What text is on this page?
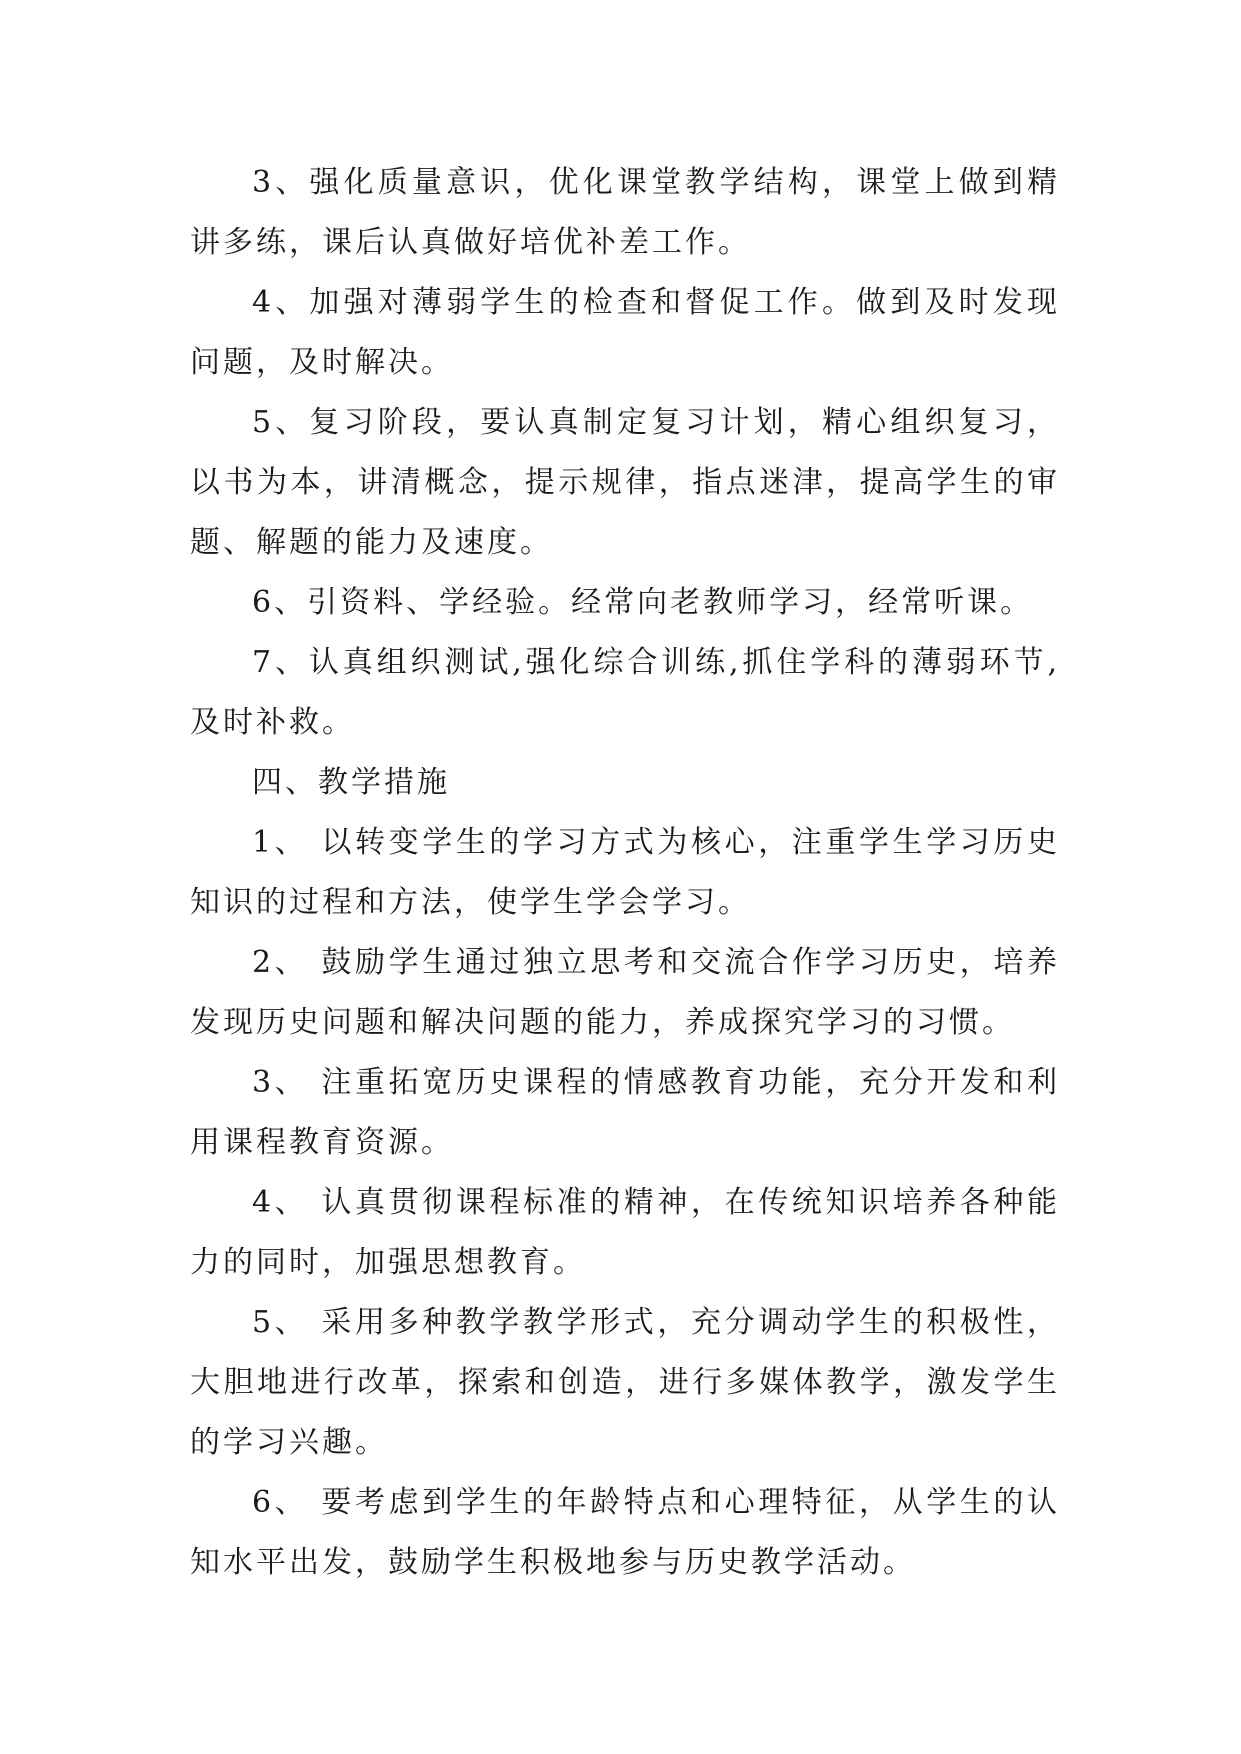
3、强化质量意识，优化课堂教学结构，课堂上做到精讲多练，课后认真做好培优补差工作。

4、加强对薄弱学生的检查和督促工作。做到及时发现问题，及时解决。

5、复习阶段，要认真制定复习计划，精心组织复习，以书为本，讲清概念，提示规律，指点迷津，提高学生的审题、解题的能力及速度。

6、引资料、学经验。经常向老教师学习，经常听课。

7、认真组织测试,强化综合训练,抓住学科的薄弱环节,及时补救。

四、教学措施

1、 以转变学生的学习方式为核心，注重学生学习历史知识的过程和方法，使学生学会学习。

2、 鼓励学生通过独立思考和交流合作学习历史，培养发现历史问题和解决问题的能力，养成探究学习的习惯。

3、 注重拓宽历史课程的情感教育功能，充分开发和利用课程教育资源。

4、 认真贯彻课程标准的精神，在传统知识培养各种能力的同时，加强思想教育。

5、 采用多种教学教学形式，充分调动学生的积极性，大胆地进行改革，探索和创造，进行多媒体教学，激发学生的学习兴趣。

6、 要考虑到学生的年龄特点和心理特征，从学生的认知水平出发，鼓励学生积极地参与历史教学活动。
